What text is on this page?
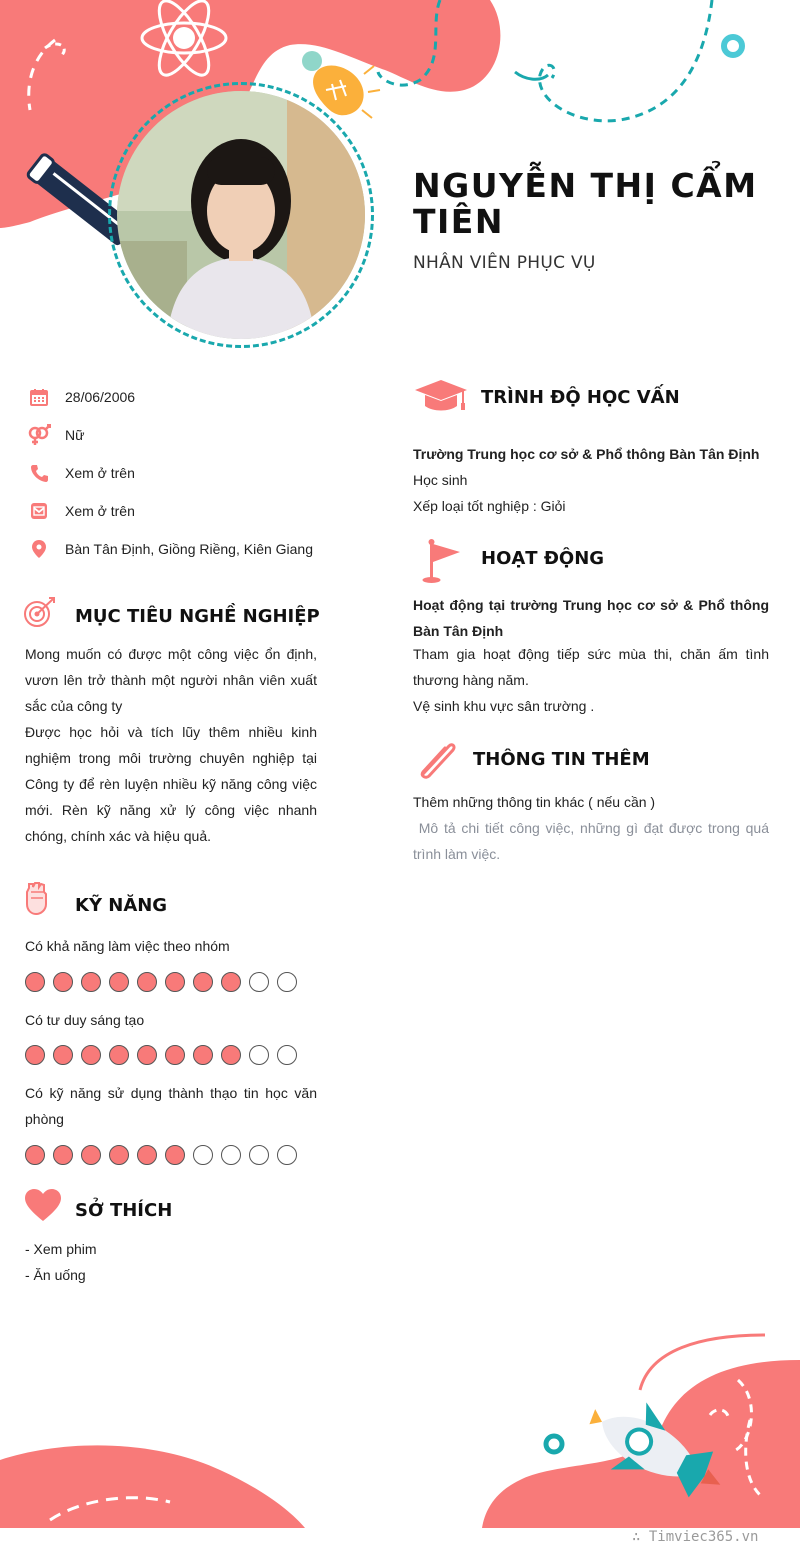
NGUYỄN THỊ CẨM TIÊN
NHÂN VIÊN PHỤC VỤ
28/06/2006
Nữ
Xem ở trên
Xem ở trên
Bàn Tân Định, Giồng Riềng, Kiên Giang
MỤC TIÊU NGHỀ NGHIỆP
Mong muốn có được một công việc ổn định, vươn lên trở thành một người nhân viên xuất sắc của công ty
Được học hỏi và tích lũy thêm nhiều kinh nghiệm trong môi trường chuyên nghiệp tại Công ty để rèn luyện nhiều kỹ năng công việc mới. Rèn kỹ năng xử lý công việc nhanh chóng, chính xác và hiệu quả.
KỸ NĂNG
Có khả năng làm việc theo nhóm
Có tư duy sáng tạo
Có kỹ năng sử dụng thành thạo tin học văn phòng
SỞ THÍCH
- Xem phim
- Ăn uống
TRÌNH ĐỘ HỌC VẤN
Trường Trung học cơ sở & Phổ thông Bàn Tân Định
Học sinh
Xếp loại tốt nghiệp : Giỏi
HOẠT ĐỘNG
Hoạt động tại trường Trung học cơ sở & Phổ thông Bàn Tân Định
Tham gia hoạt động tiếp sức mùa thi, chăn ấm tình thương hàng năm.
Vệ sinh khu vực sân trường .
THÔNG TIN THÊM
Thêm những thông tin khác ( nếu cần )
Mô tả chi tiết công việc, những gì đạt được trong quá trình làm việc.
∴ Timviec365.vn
